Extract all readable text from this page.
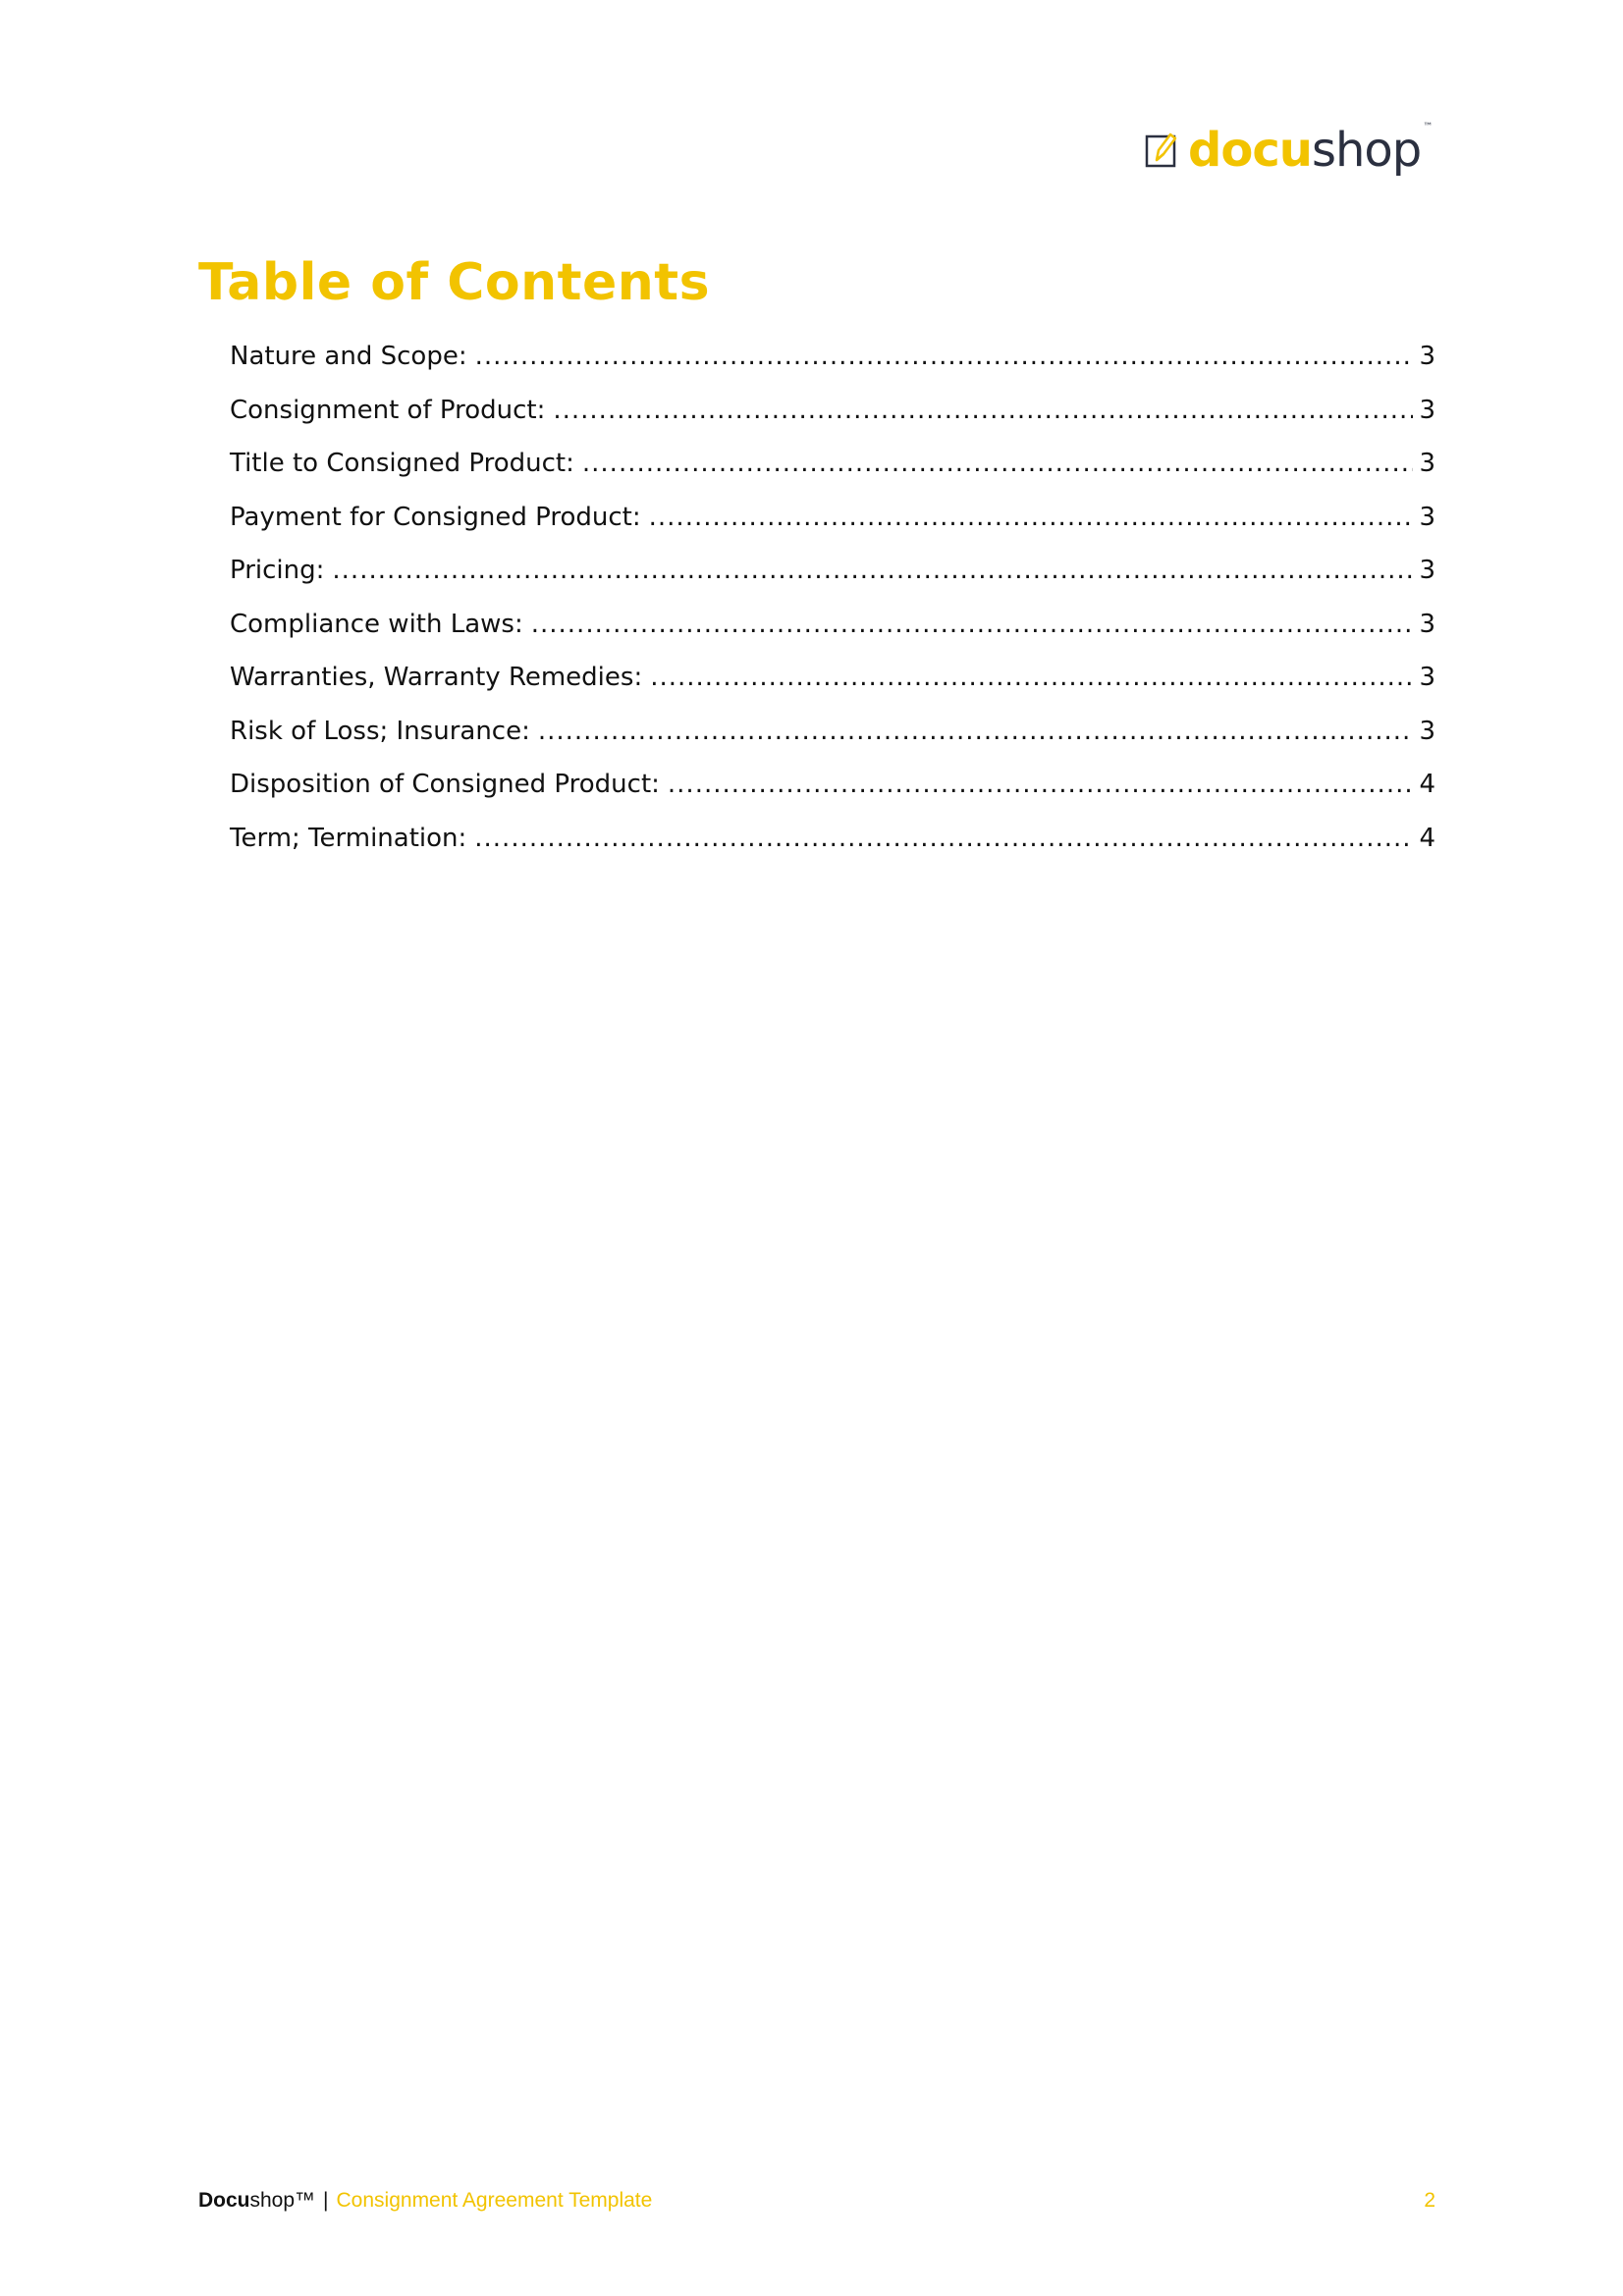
docushop ™
Table of Contents
Nature and Scope: .....	3
Consignment of Product: .....	3
Title to Consigned Product: .....	3
Payment for Consigned Product: .....	3
Pricing: .....	3
Compliance with Laws: .....	3
Warranties, Warranty Remedies: .....	3
Risk of Loss; Insurance: .....	3
Disposition of Consigned Product: .....	4
Term; Termination: .....	4
Docu shop™ | Consignment Agreement Template	2
